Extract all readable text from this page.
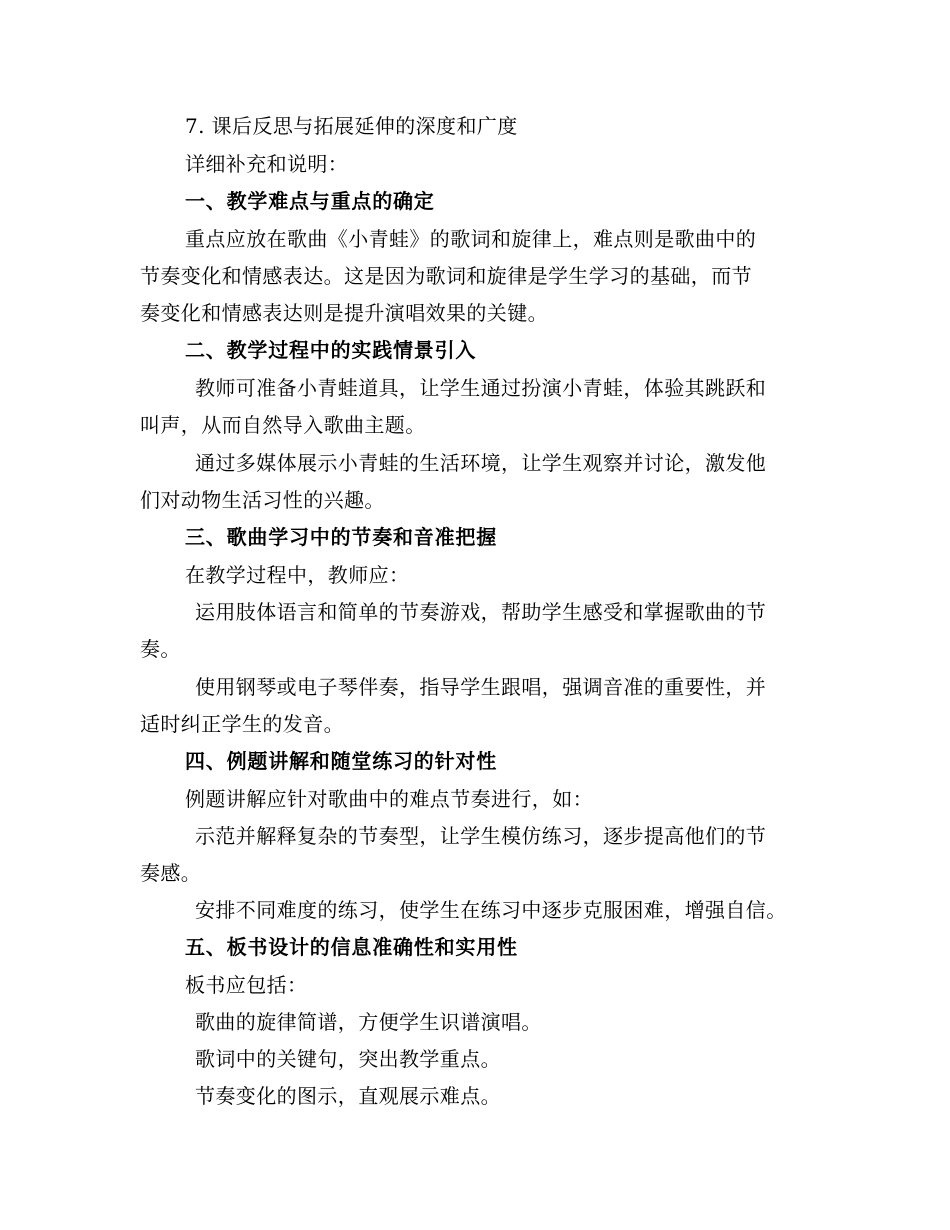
7. 课后反思与拓展延伸的深度和广度
详细补充和说明：
一、教学难点与重点的确定
重点应放在歌曲《小青蛙》的歌词和旋律上，难点则是歌曲中的
节奏变化和情感表达。这是因为歌词和旋律是学生学习的基础，而节
奏变化和情感表达则是提升演唱效果的关键。
二、教学过程中的实践情景引入
教师可准备小青蛙道具，让学生通过扮演小青蛙，体验其跳跃和
叫声，从而自然导入歌曲主题。
通过多媒体展示小青蛙的生活环境，让学生观察并讨论，激发他
们对动物生活习性的兴趣。
三、歌曲学习中的节奏和音准把握
在教学过程中，教师应：
运用肢体语言和简单的节奏游戏，帮助学生感受和掌握歌曲的节
奏。
使用钢琴或电子琴伴奏，指导学生跟唱，强调音准的重要性，并
适时纠正学生的发音。
四、例题讲解和随堂练习的针对性
例题讲解应针对歌曲中的难点节奏进行，如：
示范并解释复杂的节奏型，让学生模仿练习，逐步提高他们的节
奏感。
安排不同难度的练习，使学生在练习中逐步克服困难，增强自信。
五、板书设计的信息准确性和实用性
板书应包括：
歌曲的旋律简谱，方便学生识谱演唱。
歌词中的关键句，突出教学重点。
节奏变化的图示，直观展示难点。
